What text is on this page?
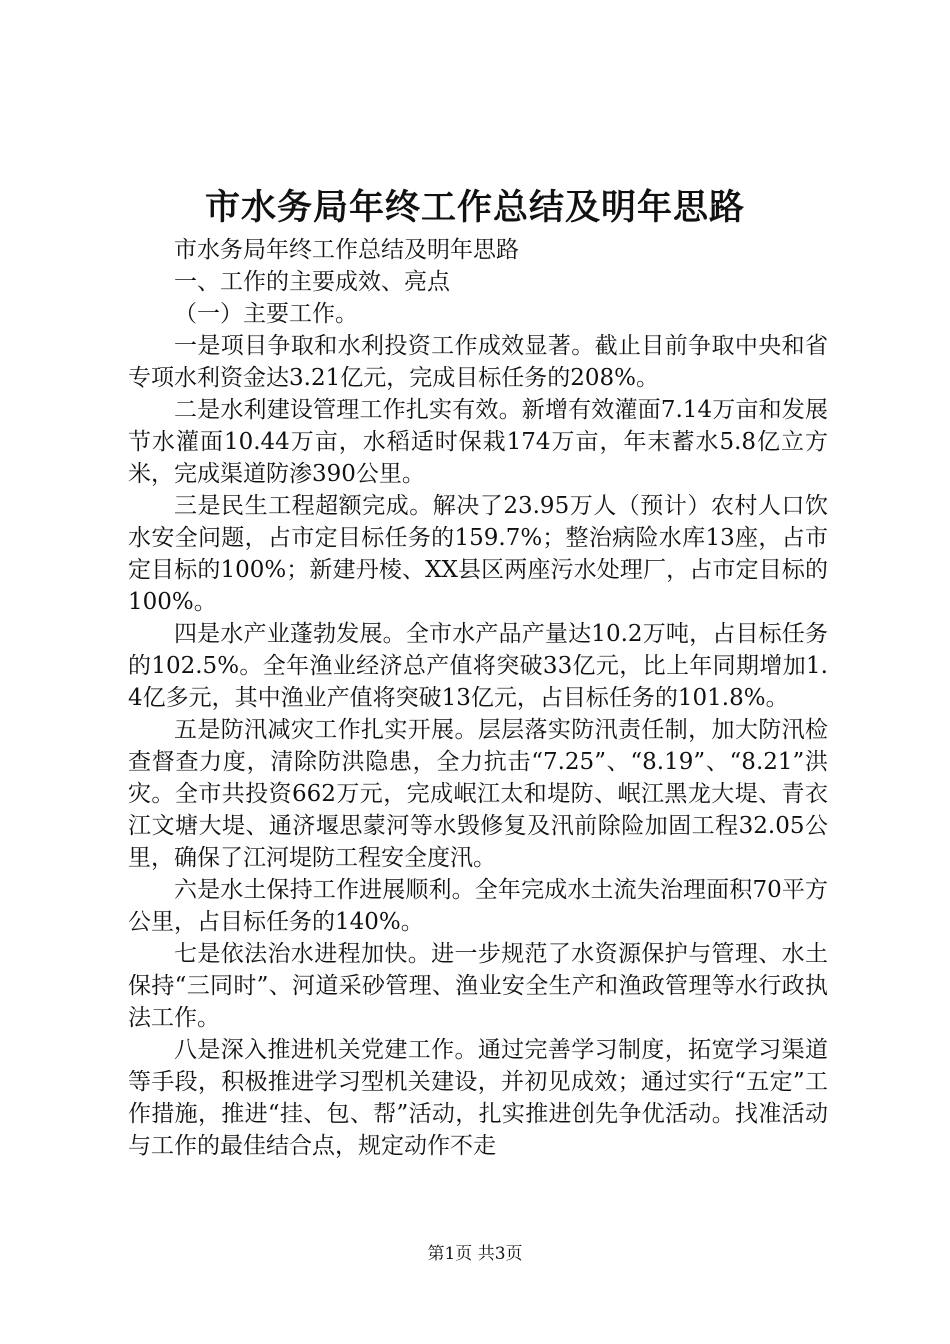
市水务局年终工作总结及明年思路

市水务局年终工作总结及明年思路

一、工作的主要成效、亮点

（一）主要工作。

一是项目争取和水利投资工作成效显著。截止目前争取中央和省专项水利资金达3.21亿元，完成目标任务的208%。

二是水利建设管理工作扎实有效。新增有效灌面7.14万亩和发展节水灌面10.44万亩，水稻适时保栽174万亩，年末蓄水5.8亿立方米，完成渠道防渗390公里。

三是民生工程超额完成。解决了23.95万人（预计）农村人口饮水安全问题，占市定目标任务的159.7%；整治病险水库13座，占市定目标的100%；新建丹棱、XX县区两座污水处理厂，占市定目标的100%。

四是水产业蓬勃发展。全市水产品产量达10.2万吨，占目标任务的102.5%。全年渔业经济总产值将突破33亿元，比上年同期增加1.4亿多元，其中渔业产值将突破13亿元，占目标任务的101.8%。

五是防汛减灾工作扎实开展。层层落实防汛责任制，加大防汛检查督查力度，清除防洪隐患，全力抗击“7.25”、“8.19”、“8.21”洪灾。全市共投资662万元，完成岷江太和堤防、岷江黑龙大堤、青衣江文塘大堤、通济堰思蒙河等水毁修复及汛前除险加固工程32.05公里，确保了江河堤防工程安全度汛。

六是水土保持工作进展顺利。全年完成水土流失治理面积70平方公里，占目标任务的140%。

七是依法治水进程加快。进一步规范了水资源保护与管理、水土保持“三同时”、河道采砂管理、渔业安全生产和渔政管理等水行政执法工作。

八是深入推进机关党建工作。通过完善学习制度，拓宽学习渠道等手段，积极推进学习型机关建设，并初见成效；通过实行“五定”工作措施，推进“挂、包、帮”活动，扎实推进创先争优活动。找准活动与工作的最佳结合点，规定动作不走

第1页 共3页
